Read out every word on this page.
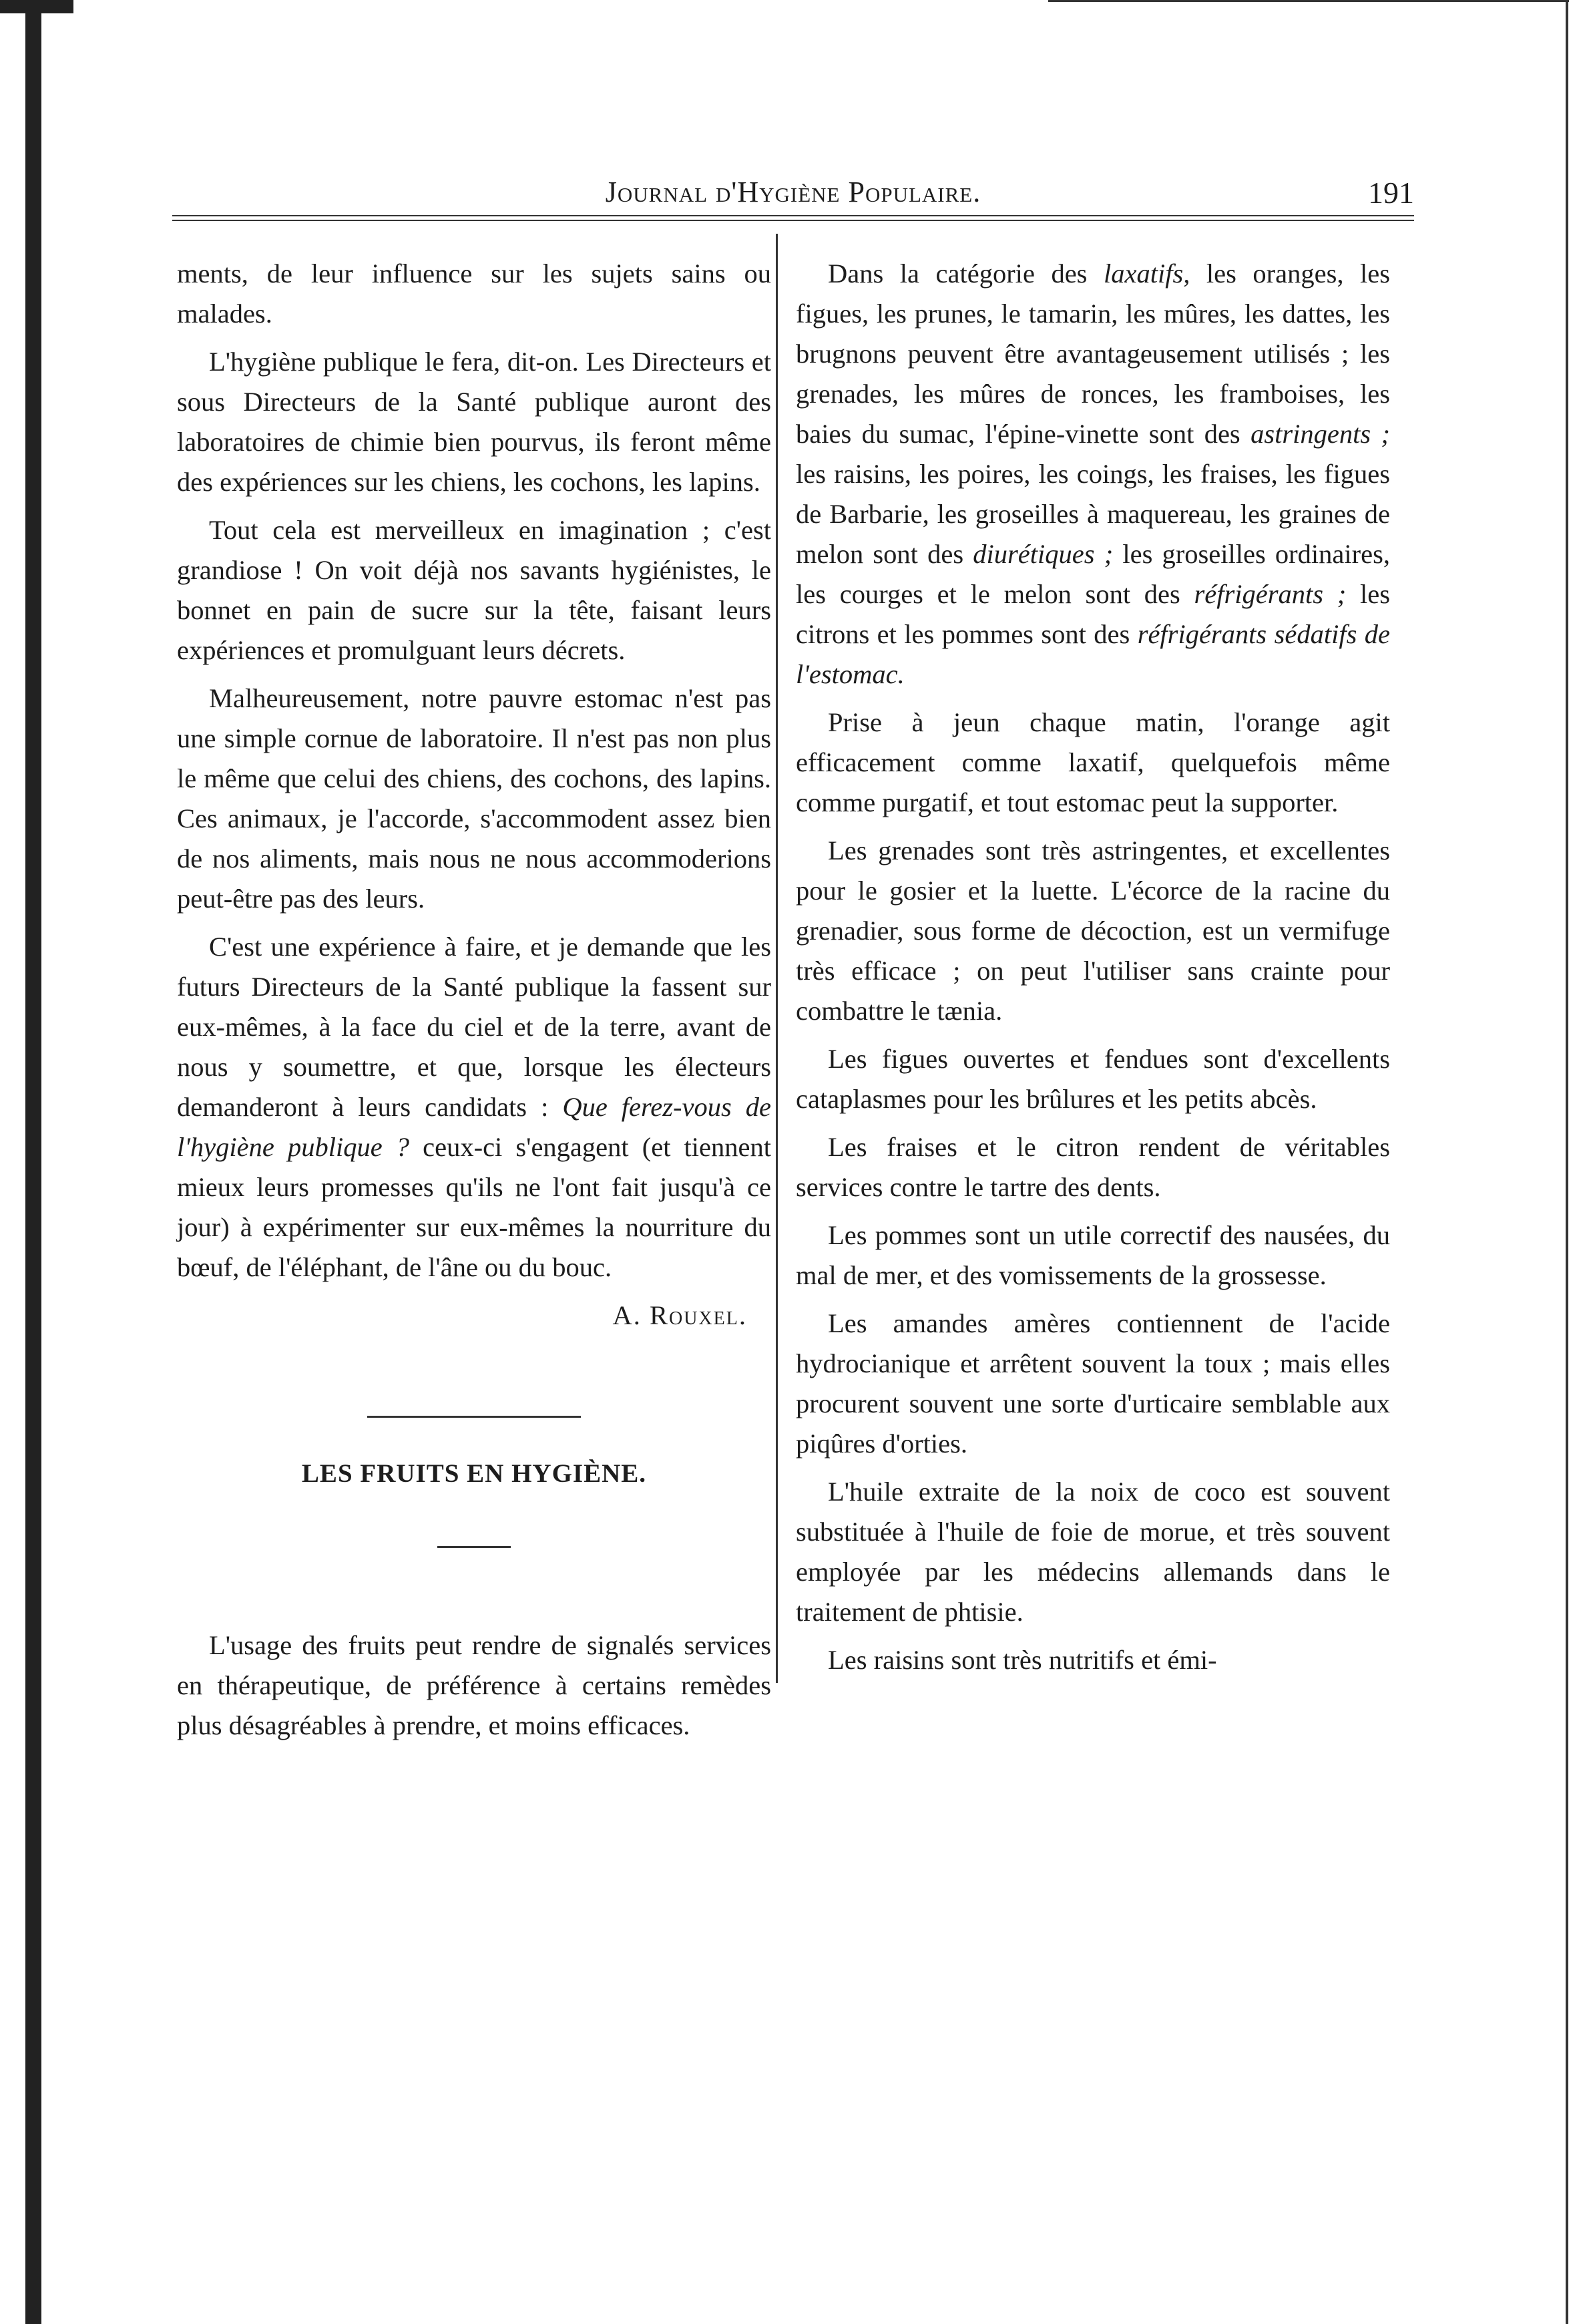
Journal d'Hygiène Populaire.	191

ments, de leur influence sur les sujets sains ou malades.

L'hygiène publique le fera, dit-on. Les Directeurs et sous Directeurs de la Santé publique auront des laboratoires de chimie bien pourvus, ils feront même des expériences sur les chiens, les cochons, les lapins.

Tout cela est merveilleux en imagination ; c'est grandiose ! On voit déjà nos savants hygiénistes, le bonnet en pain de sucre sur la tête, faisant leurs expériences et promulguant leurs décrets.

Malheureusement, notre pauvre estomac n'est pas une simple cornue de laboratoire. Il n'est pas non plus le même que celui des chiens, des cochons, des lapins. Ces animaux, je l'accorde, s'accommodent assez bien de nos aliments, mais nous ne nous accommoderions peut-être pas des leurs.

C'est une expérience à faire, et je demande que les futurs Directeurs de la Santé publique la fassent sur eux-mêmes, à la face du ciel et de la terre, avant de nous y soumettre, et que, lorsque les électeurs demanderont à leurs candidats : Que ferez-vous de l'hygiène publique ? ceux-ci s'engagent (et tiennent mieux leurs promesses qu'ils ne l'ont fait jusqu'à ce jour) à expérimenter sur eux-mêmes la nourriture du bœuf, de l'éléphant, de l'âne ou du bouc.

A. Rouxel.
LES FRUITS EN HYGIÈNE.

L'usage des fruits peut rendre de signalés services en thérapeutique, de préférence à certains remèdes plus désagréables à prendre, et moins efficaces.

Dans la catégorie des laxatifs, les oranges, les figues, les prunes, le tamarin, les mûres, les dattes, les brugnons peuvent être avantageusement utilisés ; les grenades, les mûres de ronces, les framboises, les baies du sumac, l'épine-vinette sont des astringents ; les raisins, les poires, les coings, les fraises, les figues de Barbarie, les groseilles à maquereau, les graines de melon sont des diurétiques ; les groseilles ordinaires, les courges et le melon sont des réfrigérants ; les citrons et les pommes sont des réfrigérants sédatifs de l'estomac.

Prise à jeun chaque matin, l'orange agit efficacement comme laxatif, quelquefois même comme purgatif, et tout estomac peut la supporter.

Les grenades sont très astringentes, et excellentes pour le gosier et la luette. L'écorce de la racine du grenadier, sous forme de décoction, est un vermifuge très efficace ; on peut l'utiliser sans crainte pour combattre le tænia.

Les figues ouvertes et fendues sont d'excellents cataplasmes pour les brûlures et les petits abcès.

Les fraises et le citron rendent de véritables services contre le tartre des dents.

Les pommes sont un utile correctif des nausées, du mal de mer, et des vomissements de la grossesse.

Les amandes amères contiennent de l'acide hydrocianique et arrêtent souvent la toux ; mais elles procurent souvent une sorte d'urticaire semblable aux piqûres d'orties.

L'huile extraite de la noix de coco est souvent substituée à l'huile de foie de morue, et très souvent employée par les médecins allemands dans le traitement de phtisie.

Les raisins sont très nutritifs et émi-
